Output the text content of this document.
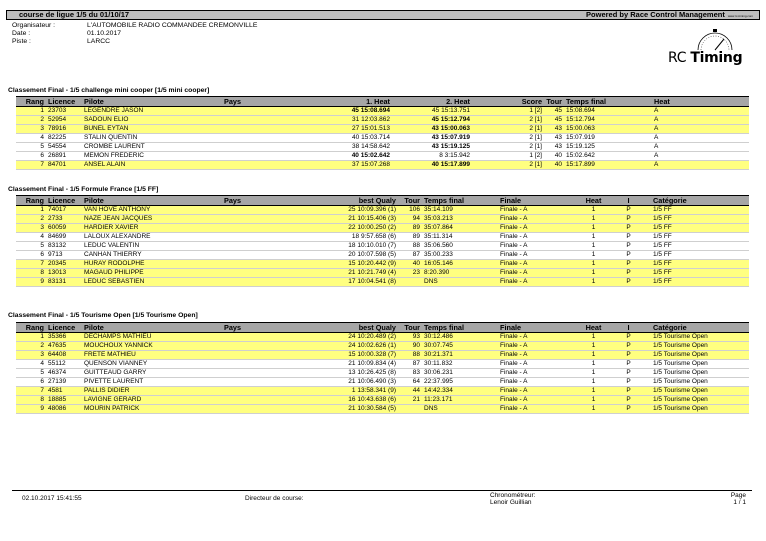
course de ligue 1/5 du 01/10/17	Powered by Race Control Management www.rc-timing.com
Organisateur :	L'AUTOMOBILE RADIO COMMANDEE CREMONVILLE
Date :	01.10.2017
Piste :	LARCC
RC Timing
Classement Final - 1/5 challenge mini cooper [1/5 mini cooper]
Rang	Licence	Pilote	Pays	1. Heat	2. Heat	Score	Tour	Temps final	Heat
1	23703	LEGENDRE JASON		45 15:08.694	45 15:13.751	1 [2]	45	15:08.694	A
2	52954	SADOUN ELIO		31 12:03.862	45 15:12.794	2 [1]	45	15:12.794	A
3	78916	BUNEL EYTAN		27 15:01.513	43 15:00.063	2 [1]	43	15:00.063	A
4	82225	STALIN QUENTIN		40 15:03.714	43 15:07.919	2 [1]	43	15:07.919	A
5	54554	CROMBE LAURENT		38 14:58.642	43 15:19.125	2 [1]	43	15:19.125	A
6	26891	MEMON FREDERIC		40 15:02.642	8 3:15.942	1 [2]	40	15:02.642	A
7	84701	ANSEL ALAIN		37 15:07.268	40 15:17.899	2 [1]	40	15:17.899	A
Classement Final - 1/5 Formule France [1/5 FF]
Rang	Licence	Pilote	Pays	best Qualy	Tour	Temps final	Finale	Heat	I	Catégorie
1	74017	VAN HOVE ANTHONY		25 10:09.396 (1)	106	35:14.109	Finale - A	1	P	1/5 FF
2	2733	NAZE JEAN JACQUES		21 10:15.406 (3)	94	35:03.213	Finale - A	1	P	1/5 FF
3	60059	HARDIER XAVIER		22 10:00.250 (2)	89	35:07.864	Finale - A	1	P	1/5 FF
4	84699	LALOUX ALEXANDRE		18 9:57.658 (6)	89	35:11.314	Finale - A	1	P	1/5 FF
5	83132	LEDUC VALENTIN		18 10:10.010 (7)	88	35:06.560	Finale - A	1	P	1/5 FF
6	9713	CANHAN THIERRY		20 10:07.598 (5)	87	35:00.233	Finale - A	1	P	1/5 FF
7	20345	HURAY RODOLPHE		15 10:20.442 (9)	40	16:05.146	Finale - A	1	P	1/5 FF
8	13013	MAGAUD PHILIPPE		21 10:21.749 (4)	23	8:20.390	Finale - A	1	P	1/5 FF
9	83131	LEDUC SEBASTIEN		17 10:04.541 (8)		DNS	Finale - A	1	P	1/5 FF
Classement Final - 1/5 Tourisme Open [1/5 Tourisme Open]
Rang	Licence	Pilote	Pays	best Qualy	Tour	Temps final	Finale	Heat	I	Catégorie
1	35366	DECHAMPS MATHIEU		24 10:20.489 (2)	93	30:12.486	Finale - A	1	P	1/5 Tourisme Open
2	47635	MOUCHOUX YANNICK		24 10:02.626 (1)	90	30:07.745	Finale - A	1	P	1/5 Tourisme Open
3	64408	FRETE MATHIEU		15 10:00.328 (7)	88	30:21.371	Finale - A	1	P	1/5 Tourisme Open
4	55112	QUENSON VIANNEY		21 10:09.834 (4)	87	30:11.832	Finale - A	1	P	1/5 Tourisme Open
5	46374	GUITTEAUD GARRY		13 10:26.425 (8)	83	30:06.231	Finale - A	1	P	1/5 Tourisme Open
6	27139	PIVETTE LAURENT		21 10:06.490 (3)	64	22:37.995	Finale - A	1	P	1/5 Tourisme Open
7	4581	PALLIS DIDIER		1 13:58.341 (9)	44	14:42.334	Finale - A	1	P	1/5 Tourisme Open
8	18885	LAVIGNE GERARD		16 10:43.638 (6)	21	11:23.171	Finale - A	1	P	1/5 Tourisme Open
9	48086	MOURIN PATRICK		21 10:30.584 (5)		DNS	Finale - A	1	P	1/5 Tourisme Open
02.10.2017 15:41:55	Directeur de course:	Chronométreur:
Lenoir Guillian
Page
1 / 1
